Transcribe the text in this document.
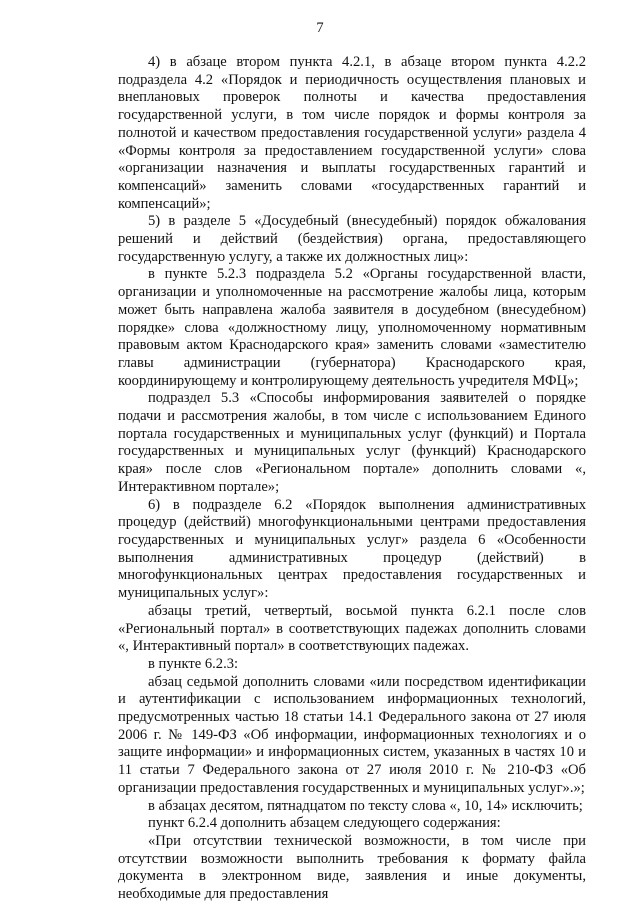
7

4) в абзаце втором пункта 4.2.1, в абзаце втором пункта 4.2.2 подраздела 4.2 «Порядок и периодичность осуществления плановых и внеплановых проверок полноты и качества предоставления государственной услуги, в том числе порядок и формы контроля за полнотой и качеством предоставления государственной услуги» раздела 4 «Формы контроля за предоставлением государственной услуги» слова «организации назначения и выплаты государственных гарантий и компенсаций» заменить словами «государственных гарантий и компенсаций»;

5) в разделе 5 «Досудебный (внесудебный) порядок обжалования решений и действий (бездействия) органа, предоставляющего государственную услугу, а также их должностных лиц»:

в пункте 5.2.3 подраздела 5.2 «Органы государственной власти, организации и уполномоченные на рассмотрение жалобы лица, которым может быть направлена жалоба заявителя в досудебном (внесудебном) порядке» слова «должностному лицу, уполномоченному нормативным правовым актом Краснодарского края» заменить словами «заместителю главы администрации (губернатора) Краснодарского края, координирующему и контролирующему деятельность учредителя МФЦ»;

подраздел 5.3 «Способы информирования заявителей о порядке подачи и рассмотрения жалобы, в том числе с использованием Единого портала государственных и муниципальных услуг (функций) и Портала государственных и муниципальных услуг (функций) Краснодарского края» после слов «Региональном портале» дополнить словами «, Интерактивном портале»;

6) в подразделе 6.2 «Порядок выполнения административных процедур (действий) многофункциональными центрами предоставления государственных и муниципальных услуг» раздела 6 «Особенности выполнения административных процедур (действий) в многофункциональных центрах предоставления государственных и муниципальных услуг»:

абзацы третий, четвертый, восьмой пункта 6.2.1 после слов «Региональный портал» в соответствующих падежах дополнить словами «, Интерактивный портал» в соответствующих падежах.

в пункте 6.2.3:

абзац седьмой дополнить словами «или посредством идентификации и аутентификации с использованием информационных технологий, предусмотренных частью 18 статьи 14.1 Федерального закона от 27 июля 2006 г. № 149-ФЗ «Об информации, информационных технологиях и о защите информации» и информационных систем, указанных в частях 10 и 11 статьи 7 Федерального закона от 27 июля 2010 г. № 210-ФЗ «Об организации предоставления государственных и муниципальных услуг».»;

в абзацах десятом, пятнадцатом по тексту слова «, 10, 14» исключить;

пункт 6.2.4 дополнить абзацем следующего содержания:

«При отсутствии технической возможности, в том числе при отсутствии возможности выполнить требования к формату файла документа в электронном виде, заявления и иные документы, необходимые для предоставления
